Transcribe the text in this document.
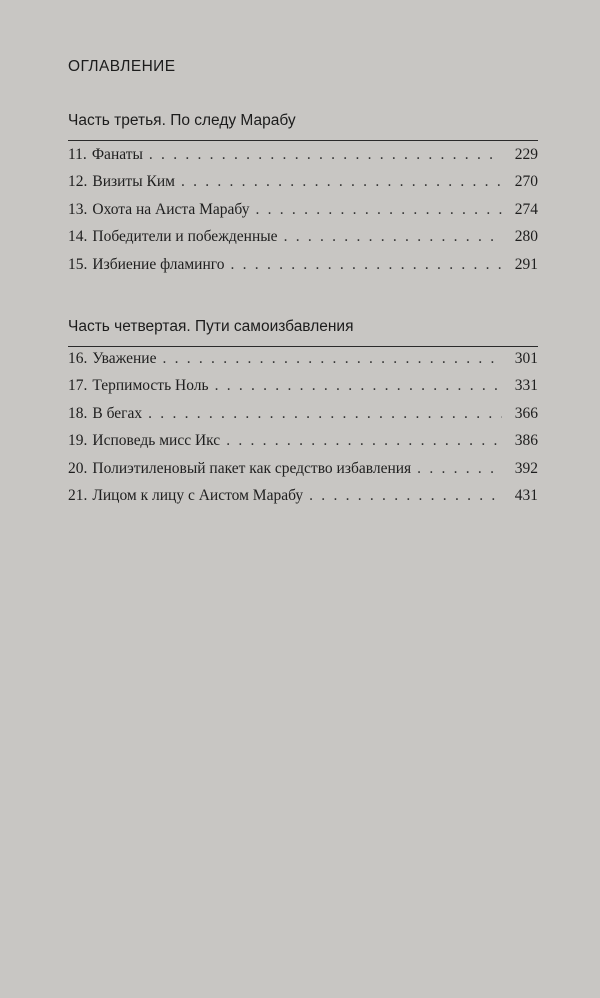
ОГЛАВЛЕНИЕ
Часть третья. По следу Марабу
11. Фанаты . . .	229
12. Визиты Ким . . .	270
13. Охота на Аиста Марабу . . .	274
14. Победители и побежденные . . .	280
15. Избиение фламинго . . .	291
Часть четвертая. Пути самоизбавления
16. Уважение . . .	301
17. Терпимость Ноль . . .	331
18. В бегах . . .	366
19. Исповедь мисс Икс . . .	386
20. Полиэтиленовый пакет как средство избавления . . .	392
21. Лицом к лицу с Аистом Марабу . . .	431
